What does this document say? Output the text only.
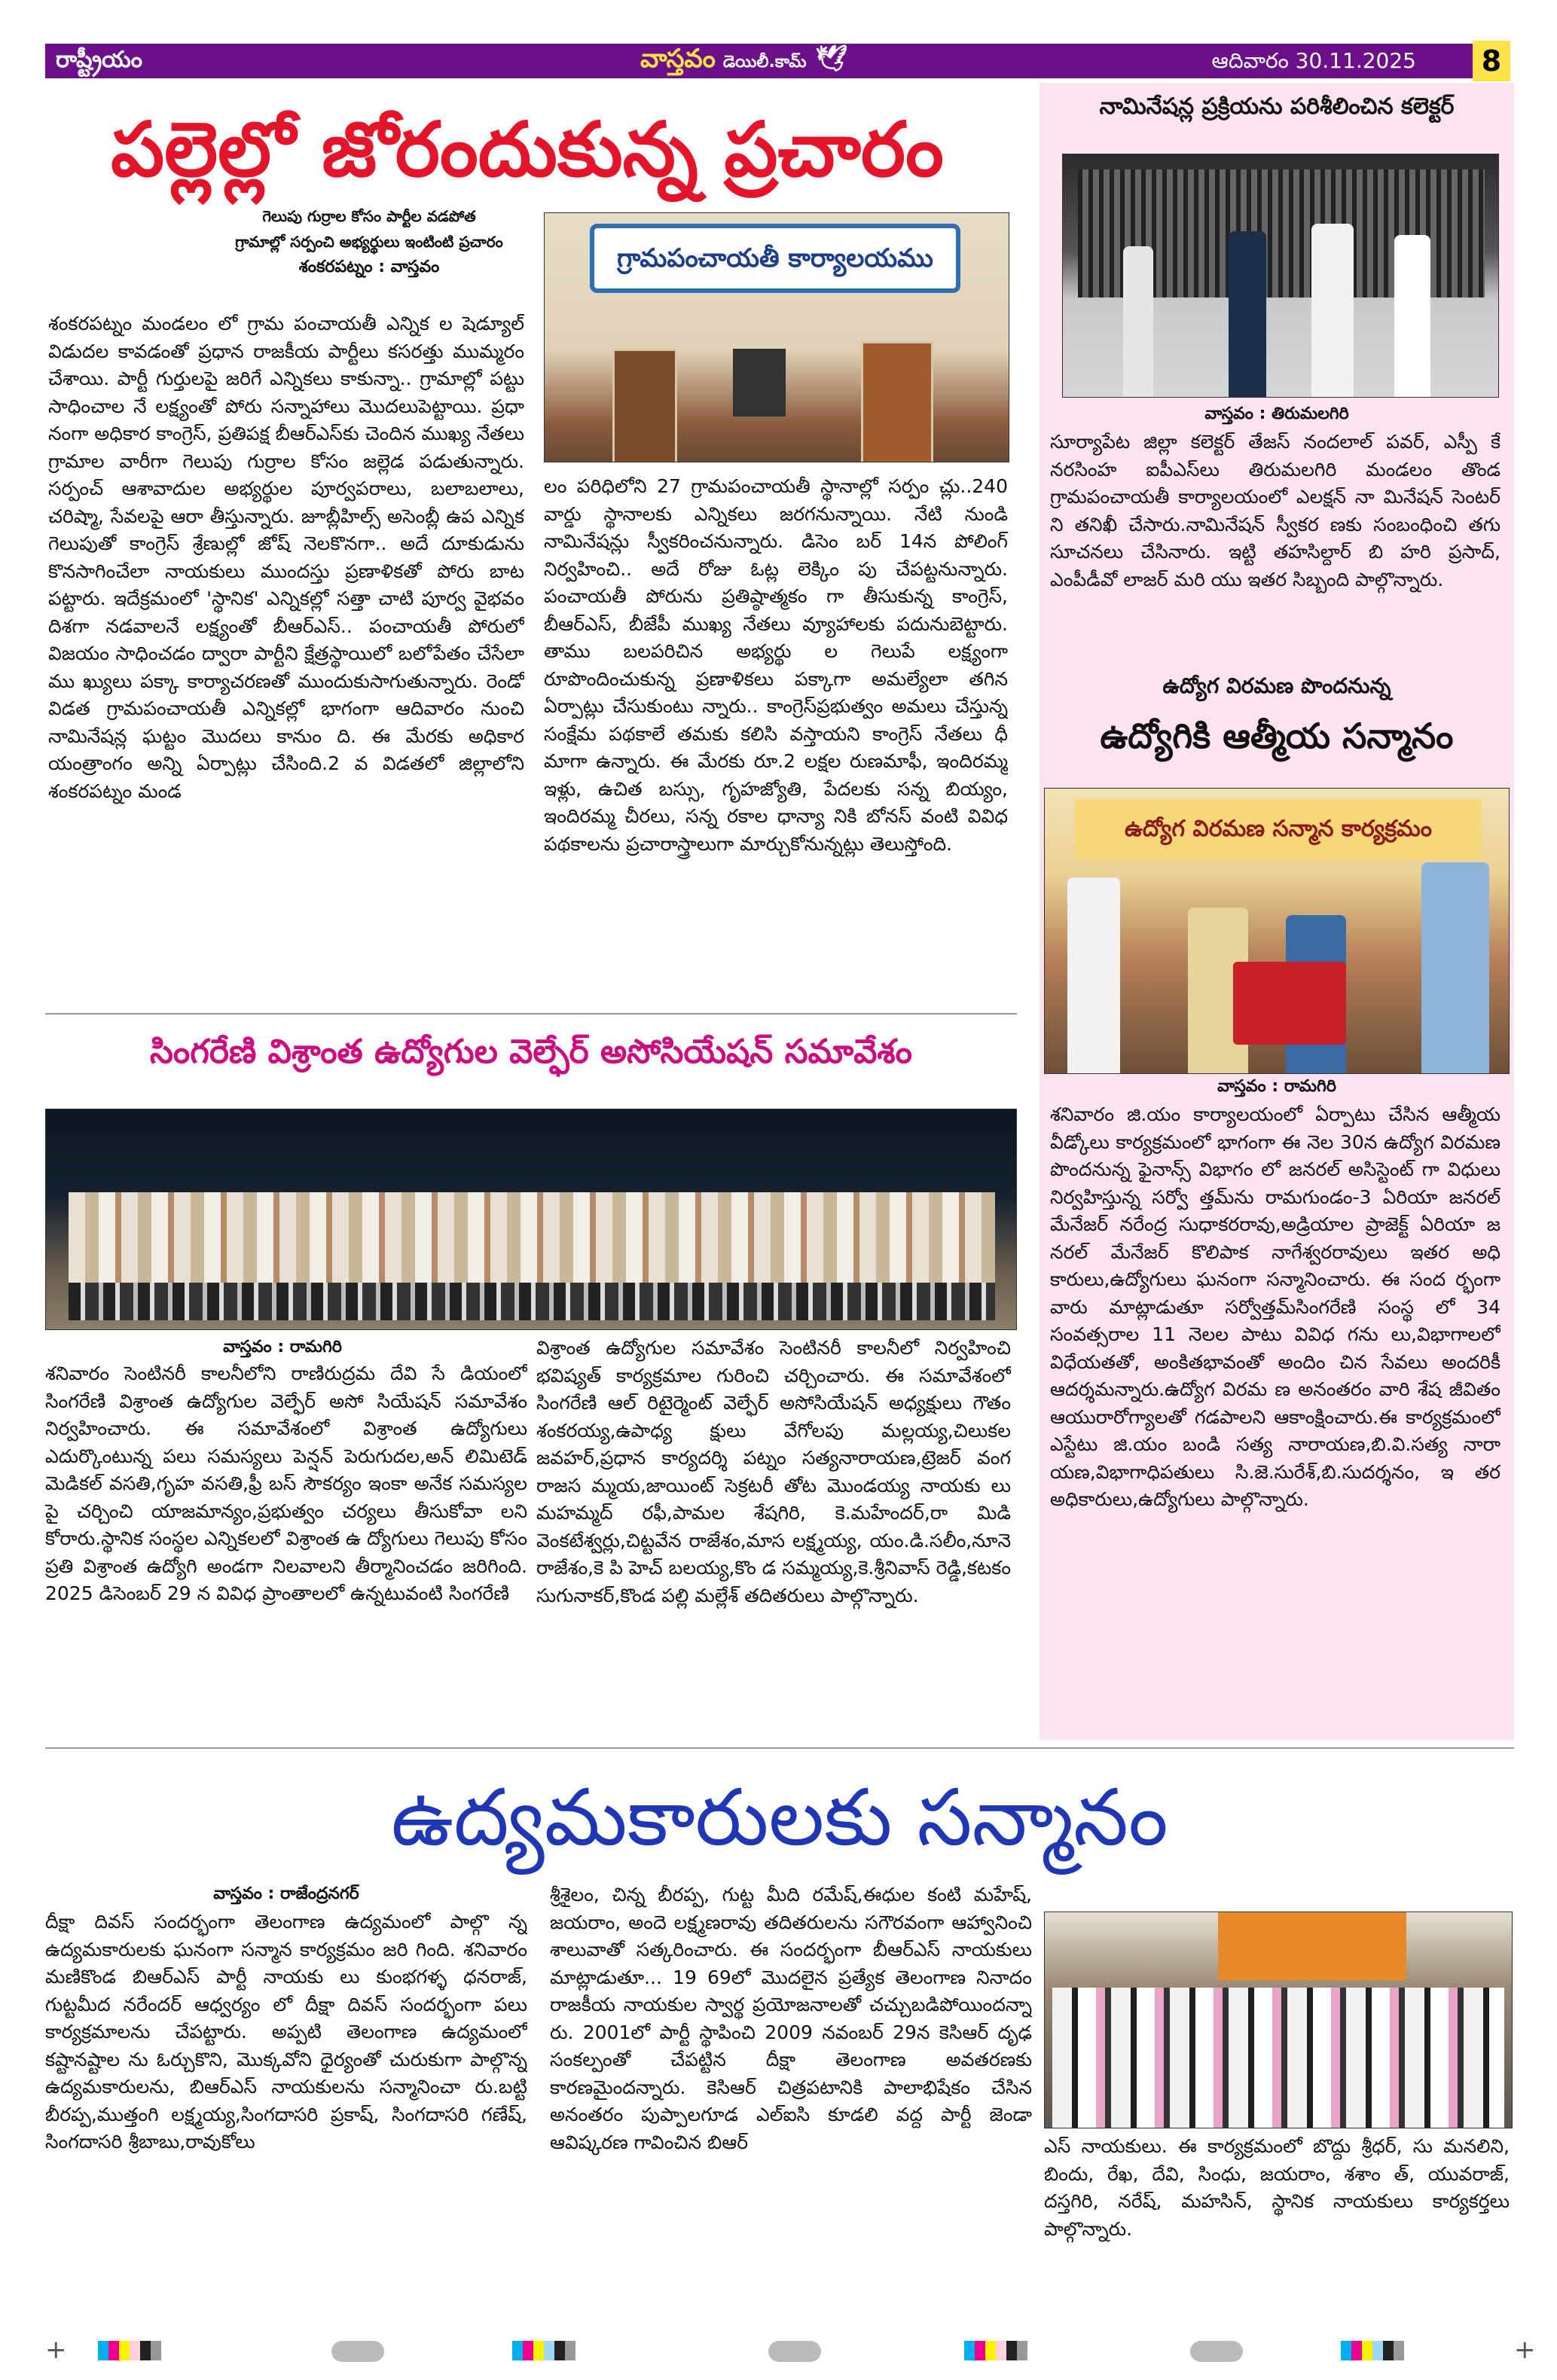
రాష్ట్రీయం	వాస్తవం డెయిలీ.కామ్ 🕊	ఆదివారం 30.11.2025	8
పల్లెల్లో జోరందుకున్న ప్రచారం
గెలుపు గుర్రాల కోసం పార్టీల వడపోత
గ్రామాల్లో సర్పంచి అభ్యర్థులు ఇంటింటి ప్రచారం
శంకరపట్నం : వాస్తవం	గ్రామపంచాయతీ కార్యాలయము
శంకరపట్నం మండలం లో గ్రామ పంచాయతీ ఎన్నిక ల షెడ్యూల్ విడుదల కావడంతో ప్రధాన రాజకీయ పార్టీలు కసరత్తు ముమ్మరం చేశాయి. పార్టీ గుర్తులపై జరిగే ఎన్నికలు కాకున్నా.. గ్రామాల్లో పట్టు సాధించాల నే లక్ష్యంతో పోరు సన్నాహాలు మొదలుపెట్టాయి. ప్రధా నంగా అధికార కాంగ్రెస్, ప్రతిపక్ష బీఆర్ఎస్‌కు చెందిన ముఖ్య నేతలు గ్రామాల వారీగా గెలుపు గుర్రాల కోసం జల్లెడ పడుతున్నారు. సర్పంచ్ ఆశావాదుల అభ్యర్థుల పూర్వపరాలు, బలాబలాలు, చరిష్మా, సేవలపై ఆరా తీస్తున్నారు. జూబ్లీహిల్స్ అసెంబ్లీ ఉప ఎన్నిక గెలుపుతో కాంగ్రెస్ శ్రేణుల్లో జోష్ నెలకొనగా.. అదే దూకుడును కొనసాగించేలా నాయకులు ముందస్తు ప్రణాళికతో పోరు బాట పట్టారు. ఇదేక్రమంలో 'స్థానిక' ఎన్నికల్లో సత్తా చాటి పూర్వ వైభవం దిశగా నడవాలనే లక్ష్యంతో బీఆర్ఎస్.. పంచాయతీ పోరులో విజయం సాధించడం ద్వారా పార్టీని క్షేత్రస్థాయిలో బలోపేతం చేసేలా ము ఖ్యులు పక్కా కార్యాచరణతో ముందుకుసాగుతున్నారు. రెండో విడత గ్రామపంచాయతీ ఎన్నికల్లో భాగంగా ఆదివారం నుంచి నామినేషన్ల ఘట్టం మొదలు కానుం ది. ఈ మేరకు అధికార యంత్రాంగం అన్ని ఏర్పాట్లు చేసింది.2 వ విడతలో జిల్లాలోని శంకరపట్నం మండ
లం పరిధిలోని 27 గ్రామపంచాయతీ స్థానాల్లో సర్పం చ్లు..240 వార్డు స్థానాలకు ఎన్నికలు జరగనున్నాయి. నేటి నుండి నామినేషన్లు స్వీకరించనున్నారు. డిసెం బర్ 14న పోలింగ్ నిర్వహించి.. అదే రోజు ఓట్ల లెక్కిం పు చేపట్టనున్నారు. పంచాయతీ పోరును ప్రతిష్ఠాత్మకం గా తీసుకున్న కాంగ్రెస్, బీఆర్ఎస్, బీజేపీ ముఖ్య నేతలు వ్యూహాలకు పదునుబెట్టారు. తాము బలపరిచిన అభ్యర్థు ల గెలుపే లక్ష్యంగా రూపొందించుకున్న ప్రణాళికలు పక్కాగా అమల్యేలా తగిన ఏర్పాట్లు చేసుకుంటు న్నారు.. కాంగ్రెస్‌ప్రభుత్వం అమలు చేస్తున్న సంక్షేమ పథకాలే తమకు కలిసి వస్తాయని కాంగ్రెస్ నేతలు ధీ మాగా ఉన్నారు. ఈ మేరకు రూ.2 లక్షల రుణమాఫీ, ఇందిరమ్మ ఇళ్లు, ఉచిత బస్సు, గృహజ్యోతి, పేదలకు సన్న బియ్యం, ఇందిరమ్మ చీరలు, సన్న రకాల ధాన్యా నికి బోనస్ వంటి వివిధ పథకాలను ప్రచారాస్త్రాలుగా మార్చుకోనున్నట్లు తెలుస్తోంది.
సింగరేణి విశ్రాంత ఉద్యోగుల వెల్ఫేర్ అసోసియేషన్ సమావేశం
వాస్తవం : రామగిరి
శనివారం సెంటినరీ కాలనీలోని రాణిరుద్రమ దేవి సే డియంలో సింగరేణి విశ్రాంత ఉద్యోగుల వెల్ఫేర్ అసో సియేషన్ సమావేశం నిర్వహించారు. ఈ సమావేశంలో విశ్రాంత ఉద్యోగులు ఎదుర్కొంటున్న పలు సమస్యలు పెన్షన్ పెరుగుదల,అన్ లిమిటెడ్ మెడికల్ వసతి,గృహ వసతి,ఫ్రీ బస్ సౌకర్యం ఇంకా అనేక సమస్యల పై చర్చించి యాజమాన్యం,ప్రభుత్వం చర్యలు తీసుకోవా లని కోరారు.స్థానిక సంస్థల ఎన్నికలలో విశ్రాంత ఉ ద్యోగులు గెలుపు కోసం ప్రతి విశ్రాంత ఉద్యోగి అండగా నిలవాలని తీర్మానించడం జరిగింది. 2025 డిసెంబర్ 29 న వివిధ ప్రాంతాలలో ఉన్నటువంటి సింగరేణి
విశ్రాంత ఉద్యోగుల సమావేశం సెంటినరీ కాలనీలో నిర్వహించి భవిష్యత్ కార్యక్రమాల గురించి చర్చించారు. ఈ సమావేశంలో సింగరేణి ఆల్ రిటైర్మెంట్ వెల్ఫేర్ అసోసియేషన్ అధ్యక్షులు గౌతం శంకరయ్య,ఉపాధ్య క్షులు వేగోలపు మల్లయ్య,చిలుకల జవహర్,ప్రధాన కార్యదర్శి పట్నం సత్యనారాయణ,ట్రెజర్ వంగ రాజస మ్మయ,జాయింట్ సెక్రటరీ తోట మొండయ్య నాయకు లు మహమ్మద్ రఫీ,పామల శేషగిరి, కె.మహేందర్,రా మిడి వెంకటేశ్వర్లు,చిట్టవేన రాజేశం,మాస లక్ష్మయ్య, యం.డి.సలీం,నూనె రాజేశం,కె పి హెచ్ బలయ్య,కొం డ సమ్మయ్య,కె.శ్రీనివాస్ రెడ్డి,కటకం సుగునాకర్,కొండ పల్లి మల్లేశ్ తదితరులు పాల్గొన్నారు.
నామినేషన్ల ప్రక్రియను పరిశీలించిన కలెక్టర్
వాస్తవం : తిరుమలగిరి
సూర్యాపేట జిల్లా కలెక్టర్ తేజస్ నందలాల్ పవర్, ఎస్పీ కే నరసింహ ఐపీఎస్‌లు తిరుమలగిరి మండలం తొండ గ్రామపంచాయతీ కార్యాలయంలో ఎలక్షన్ నా మినేషన్ సెంటర్ ని తనిఖీ చేసారు.నామినేషన్ స్వీకర ణకు సంబంధించి తగు సూచనలు చేసినారు. ఇట్టి తహసిల్దార్ బి హరి ప్రసాద్, ఎంపీడీవో లాజర్ మరి యు ఇతర సిబ్బంది పాల్గొన్నారు.
ఉద్యోగ విరమణ పొందనున్న
ఉద్యోగికి ఆత్మీయ సన్మానం
ఉద్యోగ విరమణ సన్మాన కార్యక్రమం
వాస్తవం : రామగిరి
శనివారం జి.యం కార్యాలయంలో ఏర్పాటు చేసిన ఆత్మీయ వీడ్కోలు కార్యక్రమంలో భాగంగా ఈ నెల 30న ఉద్యోగ విరమణ పొందనున్న ఫైనాన్స్ విభాగం లో జనరల్ అసిస్టెంట్ గా విధులు నిర్వహిస్తున్న సర్వో త్తమ్‌ను రామగుండం-3 ఏరియా జనరల్ మేనేజర్ నరేంద్ర సుధాకరరావు,అడ్రియాల ప్రాజెక్ట్ ఏరియా జ నరల్ మేనేజర్ కొలిపాక నాగేశ్వరరావులు ఇతర అధి కారులు,ఉద్యోగులు ఘనంగా సన్మానించారు. ఈ సంద ర్భంగా వారు మాట్లాడుతూ సర్వోత్తమ్‌సింగరేణి సంస్థ లో 34 సంవత్సరాల 11 నెలల పాటు వివిధ గను లు,విభాగాలలో విధేయతతో, అంకితభావంతో అందిం చిన సేవలు అందరికీ ఆదర్శమన్నారు.ఉద్యోగ విరమ ణ అనంతరం వారి శేష జీవితం ఆయురారోగ్యాలతో గడపాలని ఆకాంక్షించారు.ఈ కార్యక్రమంలో ఎస్టేటు జి.యం బండి సత్య నారాయణ,బి.వి.సత్య నారా యణ,విభాగాధిపతులు సి.జె.సురేశ్,బి.సుదర్శనం, ఇ తర అధికారులు,ఉద్యోగులు పాల్గొన్నారు.
ఉద్యమకారులకు సన్మానం
వాస్తవం : రాజేంద్రనగర్
దీక్షా దివస్ సందర్భంగా తెలంగాణ ఉద్యమంలో పాల్గొ న్న ఉద్యమకారులకు ఘనంగా సన్మాన కార్యక్రమం జరి గింది. శనివారం మణికొండ బిఆర్ఎస్ పార్టీ నాయకు లు కుంభగళ్ళ ధనరాజ్, గుట్టమీద నరేందర్ ఆధ్వర్యం లో దీక్షా దివస్ సందర్భంగా పలు కార్యక్రమాలను చేపట్టారు. అప్పటి తెలంగాణ ఉద్యమంలో కష్టానష్టాల ను ఓర్చుకొని, మొక్కవోని ధైర్యంతో చురుకుగా పాల్గొన్న ఉద్యమకారులను, బిఆర్ఎస్ నాయకులను సన్మానించా రు.బట్టి బీరప్ప,ముత్తంగి లక్ష్మయ్య,సింగదాసరి ప్రకాష్, సింగదాసరి గణేష్, సింగదాసరి శ్రీబాబు,రావుకోలు
శ్రీశైలం, చిన్న బీరప్ప, గుట్ట మీది రమేష్,ఈధుల కంటి మహేష్, జయరాం, అందె లక్ష్మణరావు తదితరులను సగౌరవంగా ఆహ్వానించి శాలువాతో సత్కరించారు. ఈ సందర్భంగా బీఆర్ఎస్ నాయకులు మాట్లాడుతూ... 19 69లో మొదలైన ప్రత్యేక తెలంగాణ నినాదం రాజకీయ నాయకుల స్వార్థ ప్రయోజనాలతో చచ్చుబడిపోయిందన్నా రు. 2001లో పార్టీ స్థాపించి 2009 నవంబర్ 29న కెసిఆర్ దృఢ సంకల్పంతో చేపట్టిన దీక్షా తెలంగాణ అవతరణకు కారణమైందన్నారు. కెసిఆర్ చిత్రపటానికి పాలాభిషేకం చేసిన అనంతరం పుప్పాలగూడ ఎల్ఐసి కూడలి వద్ద పార్టీ జెండా ఆవిష్కరణ గావించిన బిఆర్	ఎస్ నాయకులు. ఈ కార్యక్రమంలో బొద్దు శ్రీధర్, సు మనలిని, బిందు, రేఖ, దేవి, సింధు, జయరాం, శశాం త్, యువరాజ్, దస్తగిరి, నరేష్, మహసిన్, స్థానిక నాయకులు కార్యకర్తలు పాల్గొన్నారు.
+	+
